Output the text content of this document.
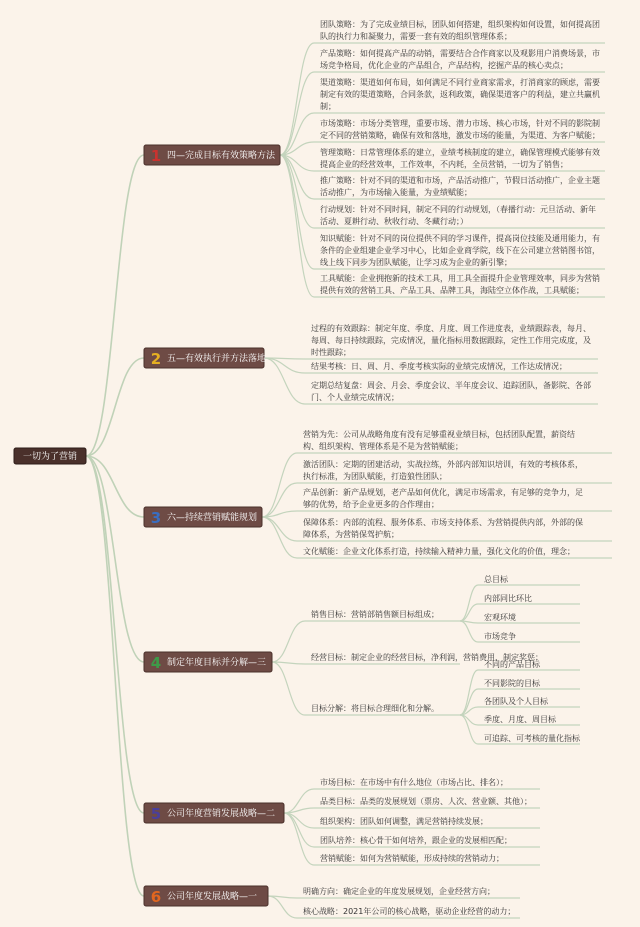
一切为了营销
1 四—完成目标有效策略方法
团队策略：为了完成业绩目标，团队如何搭建，组织架构如何设置，如何提高团队的执行力和凝聚力，需要一套有效的组织管理体系；
产品策略：如何提高产品的动销，需要结合合作商家以及观影用户消费场景，市场竞争格局，优化企业的产品组合，产品结构，挖掘产品的核心卖点；
渠道策略：渠道如何布局，如何满足不同行业商家需求，打消商家的顾虑，需要制定有效的渠道策略，合同条款，返利政策，确保渠道客户的利益，建立共赢机制；
市场策略：市场分类管理，重要市场、潜力市场、核心市场，针对不同的影院制定不同的营销策略，确保有效和落地，激发市场的能量，为渠道、为客户赋能；
管理策略：日常管理体系的建立，业绩考核制度的建立，确保管理模式能够有效提高企业的经营效率，工作效率，不内耗，全员营销，一切为了销售；
推广策略：针对不同的渠道和市场，产品活动推广，节假日活动推广，企业主题活动推广，为市场输入能量，为业绩赋能；
行动规划：针对不同时间，制定不同的行动规划，（春播行动：元旦活动、新年活动、夏耕行动、秋收行动、冬藏行动；）
知识赋能：针对不同的岗位提供不同的学习课件，提高岗位技能及通用能力，有条件的企业组建企业学习中心，比如企业商学院，线下在公司建立营销图书馆，线上线下同步为团队赋能，让学习成为企业的新引擎；
工具赋能：企业拥抱新的技术工具，用工具全面提升企业管理效率，同步为营销提供有效的营销工具、产品工具、品牌工具，海陆空立体作战，工具赋能；
2 五—有效执行并方法落地
过程的有效跟踪：制定年度、季度、月度、周工作进度表，业绩跟踪表，每月、每周、每日持续跟踪，完成情况，量化指标用数据跟踪，定性工作用完成度，及时性跟踪；
结果考核：日、周、月、季度考核实际的业绩完成情况，工作达成情况；
定期总结复盘：周会、月会、季度会议、半年度会议、追踪团队，备影院、各部门、个人业绩完成情况；
3 六—持续营销赋能规划
营销为先：公司从战略角度有没有足够重视业绩目标，包括团队配置，薪资结构、组织架构、管理体系是不是为营销赋能；
激活团队：定期的团建活动，实战拉练，外部内部知识培训，有效的考核体系，执行标准，为团队赋能，打造狼性团队；
产品创新：新产品规划，老产品如何优化，满足市场需求，有足够的竞争力，足够的优势，给予企业更多的合作理由；
保障体系：内部的流程、服务体系、市场支持体系、为营销提供内部，外部的保障体系，为营销保驾护航；
文化赋能：企业文化体系打造，持续输入精神力量，强化文化的价值，理念；
4 制定年度目标并分解—三
销售目标：营销部销售额目标组成；
总目标
内部同比环比
宏观环境
市场竞争
经营目标：制定企业的经营目标，净利润，营销费用，制定奖惩；
目标分解：将目标合理细化和分解。
不同的产品目标
不同影院的目标
各团队及个人目标
季度、月度、周目标
可追踪、可考核的量化指标
5 公司年度营销发展战略—二
市场目标：在市场中有什么地位（市场占比、排名）；
品类目标：品类的发展规划（票房、人次、营业额、其他）；
组织架构：团队如何调整，满足营销持续发展；
团队培养：核心骨干如何培养，跟企业的发展相匹配；
营销赋能：如何为营销赋能，形成持续的营销动力；
6 公司年度发展战略—一
明确方向：确定企业的年度发展规划，企业经营方向；
核心战略：2021年公司的核心战略，驱动企业经营的动力；
